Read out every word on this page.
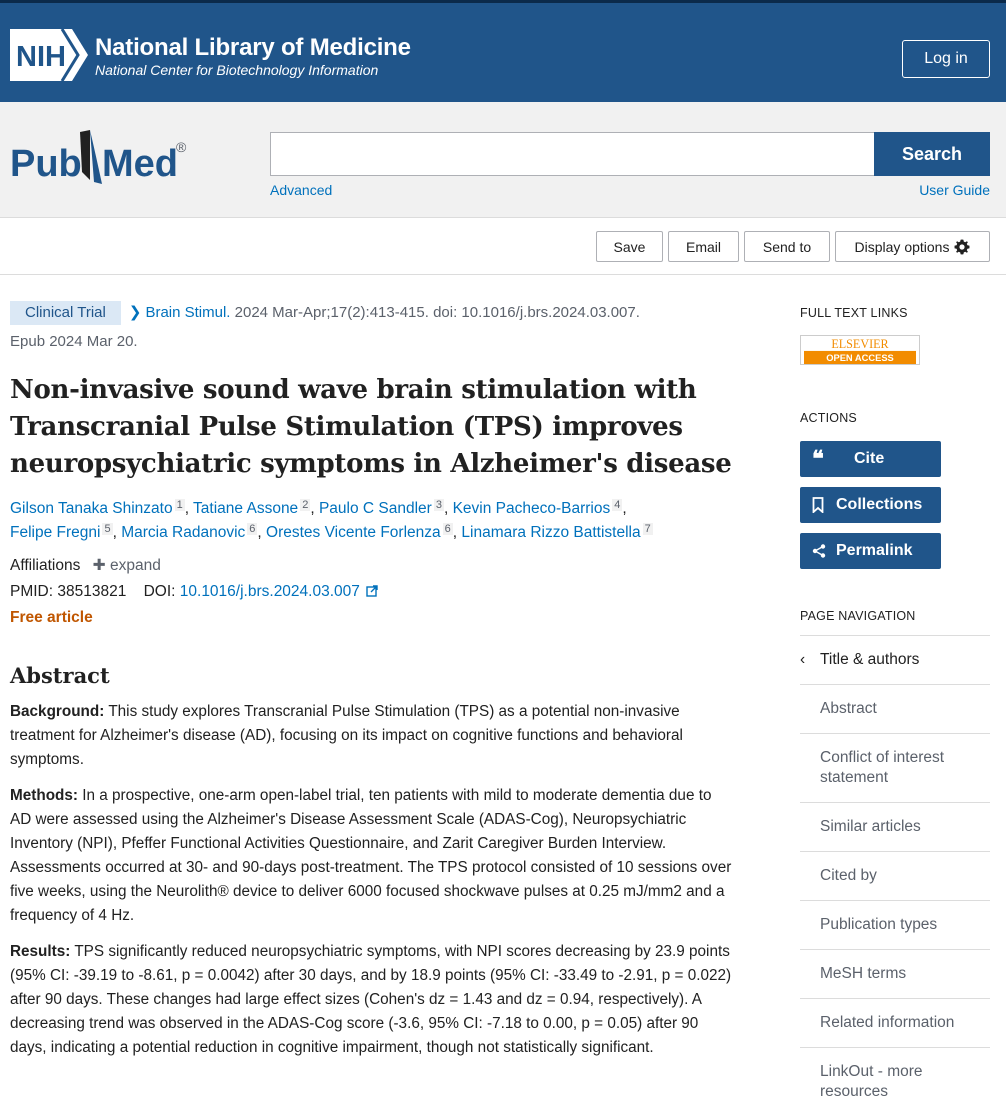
NIH National Library of Medicine
National Center for Biotechnology Information
Log in
Pub Med
®	Search
Advanced	User Guide
Save	Email	Send to	Display options
Clinical Trial ❯ Brain Stimul. 2024 Mar-Apr;17(2):413-415. doi: 10.1016/j.brs.2024.03.007.
Epub 2024 Mar 20.
Non-invasive sound wave brain stimulation with Transcranial Pulse Stimulation (TPS) improves neuropsychiatric symptoms in Alzheimer's disease
Gilson Tanaka Shinzato 1 , Tatiane Assone 2 , Paulo C Sandler 3 , Kevin Pacheco-Barrios 4 ,
Felipe Fregni 5 , Marcia Radanovic 6 , Orestes Vicente Forlenza 6 , Linamara Rizzo Battistella 7
Affiliations ✚ expand
PMID: 38513821 DOI: 10.1016/j.brs.2024.03.007
Free article
Abstract

Background: This study explores Transcranial Pulse Stimulation (TPS) as a potential non-invasive treatment for Alzheimer's disease (AD), focusing on its impact on cognitive functions and behavioral symptoms.

Methods: In a prospective, one-arm open-label trial, ten patients with mild to moderate dementia due to AD were assessed using the Alzheimer's Disease Assessment Scale (ADAS-Cog), Neuropsychiatric Inventory (NPI), Pfeffer Functional Activities Questionnaire, and Zarit Caregiver Burden Interview. Assessments occurred at 30- and 90-days post-treatment. The TPS protocol consisted of 10 sessions over five weeks, using the Neurolith® device to deliver 6000 focused shockwave pulses at 0.25 mJ/mm2 and a frequency of 4 Hz.

Results: TPS significantly reduced neuropsychiatric symptoms, with NPI scores decreasing by 23.9 points (95% CI: -39.19 to -8.61, p = 0.0042) after 30 days, and by 18.9 points (95% CI: -33.49 to -2.91, p = 0.022) after 90 days. These changes had large effect sizes (Cohen's dz = 1.43 and dz = 0.94, respectively). A decreasing trend was observed in the ADAS-Cog score (-3.6, 95% CI: -7.18 to 0.00, p = 0.05) after 90 days, indicating a potential reduction in cognitive impairment, though not statistically significant.

FULL TEXT LINKS
ELSEVIER
OPEN ACCESS
ACTIONS
❝	Cite
Collections
Permalink
PAGE NAVIGATION
‹ Title & authors
Abstract
Conflict of interest statement
Similar articles
Cited by
Publication types
MeSH terms
Related information
LinkOut - more resources
